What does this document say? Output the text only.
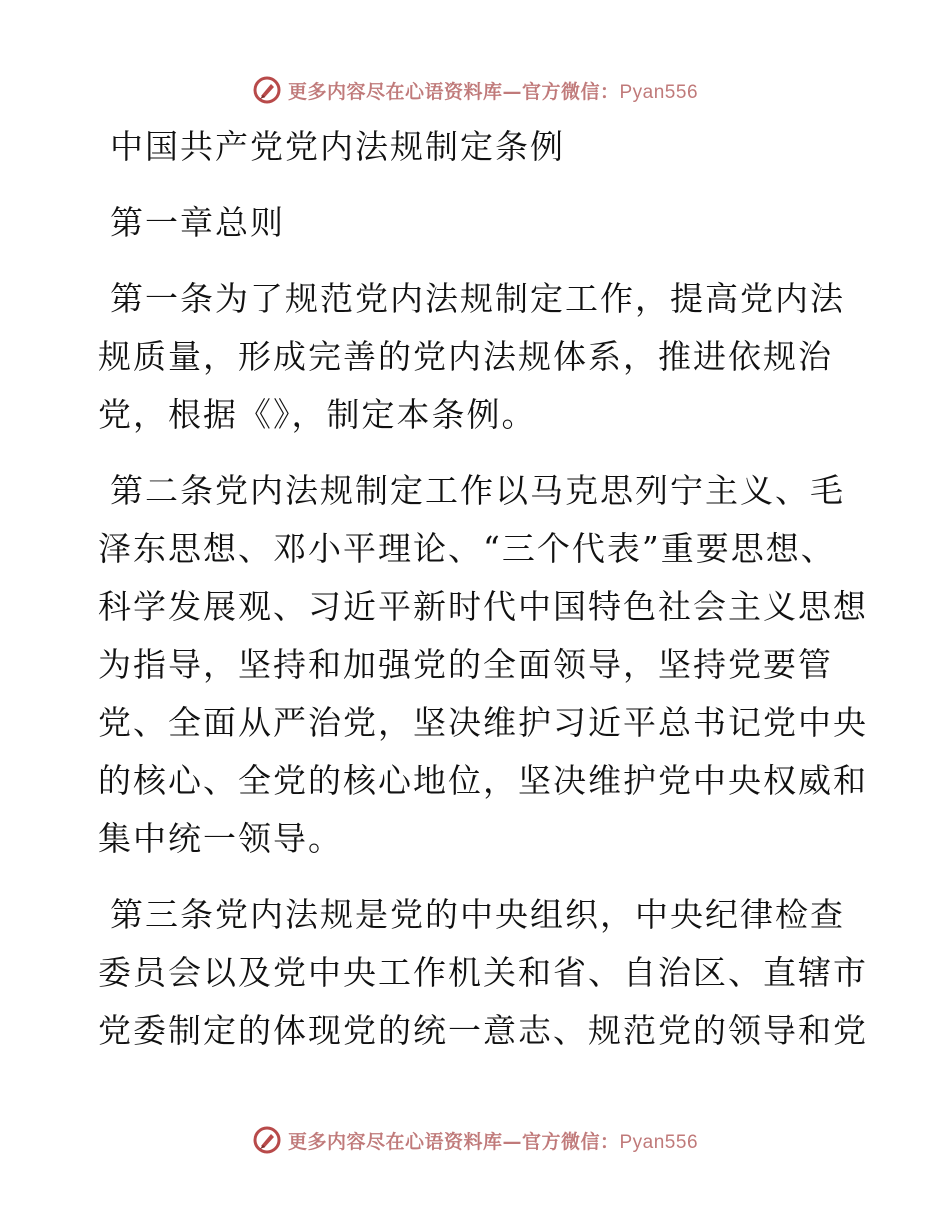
更多内容尽在心语资料库—官方微信：Pyan556
中国共产党党内法规制定条例
第一章总则
第一条为了规范党内法规制定工作，提高党内法
规质量，形成完善的党内法规体系，推进依规治
党，根据《》，制定本条例。
第二条党内法规制定工作以马克思列宁主义、毛
泽东思想、邓小平理论、“三个代表”重要思想、
科学发展观、习近平新时代中国特色社会主义思想
为指导，坚持和加强党的全面领导，坚持党要管
党、全面从严治党，坚决维护习近平总书记党中央
的核心、全党的核心地位，坚决维护党中央权威和
集中统一领导。
第三条党内法规是党的中央组织，中央纪律检查
委员会以及党中央工作机关和省、自治区、直辖市
党委制定的体现党的统一意志、规范党的领导和党
更多内容尽在心语资料库—官方微信：Pyan556
